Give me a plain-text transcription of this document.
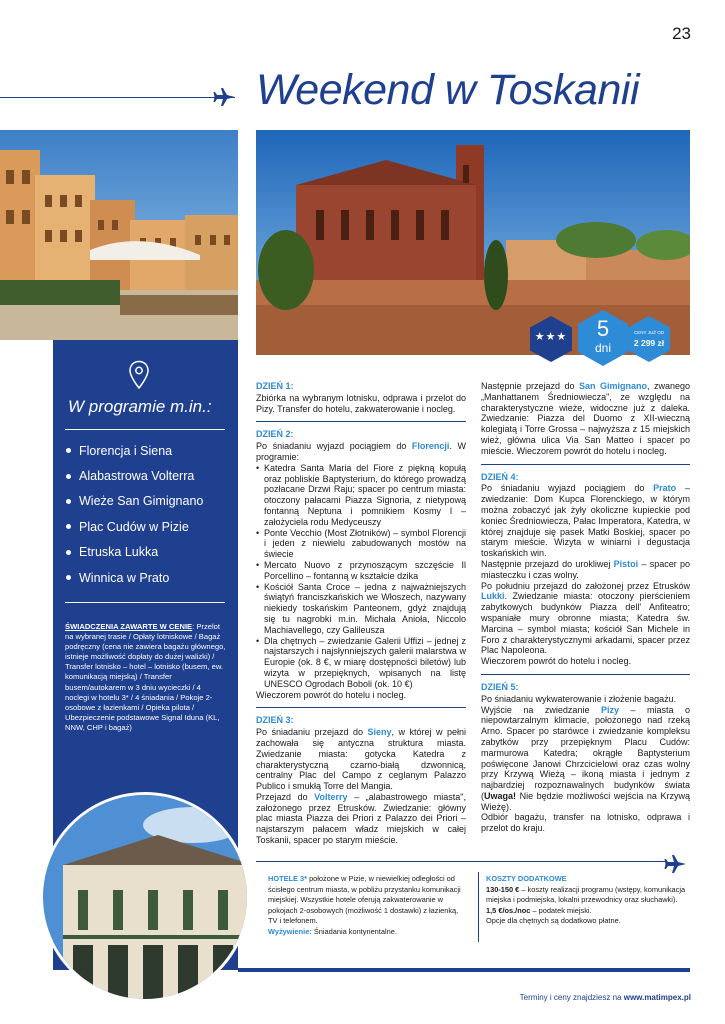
23
Weekend w Toskanii
★★★	5
dni
CENY JUŻ OD
2 299 zł
W programie m.in.:
Florencja i Siena
Alabastrowa Volterra
Wieże San Gimignano
Plac Cudów w Pizie
Etruska Lukka
Winnica w Prato
ŚWIADCZENIA ZAWARTE W CENIE: Przelot na wybranej trasie / Opłaty lotniskowe / Bagaż podręczny (cena nie zawiera bagażu głównego, istnieje możliwość dopłaty do dużej walizki) / Transfer lotnisko – hotel – lotnisko (busem, ew. komunikacją miejską) / Transfer busem/autokarem w 3 dniu wycieczki / 4 noclegi w hotelu 3* / 4 śniadania / Pokoje 2-osobowe z łazienkami / Opieka pilota / Ubezpieczenie podstawowe Signal Iduna (KL, NNW, CHP i bagaż)
DZIEŃ 1:

Zbiórka na wybranym lotnisku, odprawa i przelot do Pizy. Transfer do hotelu, zakwaterowanie i nocleg.

DZIEŃ 2:

Po śniadaniu wyjazd pociągiem do Florencji. W programie:

• Katedra Santa Maria del Fiore z piękną kopułą oraz pobliskie Baptysterium, do którego prowadzą pozłacane Drzwi Raju; spacer po centrum miasta: otoczony pałacami Piazza Signoria, z nietypową fontanną Neptuna i pomnikiem Kosmy I – założyciela rodu Medyceuszy

• Ponte Vecchio (Most Złotników) – symbol Florencji i jeden z niewielu zabudowanych mostów na świecie

• Mercato Nuovo z przynoszącym szczęście Il Porcellino – fontanną w kształcie dzika

• Kościół Santa Croce – jedna z najważniejszych świątyń franciszkańskich we Włoszech, nazywany niekiedy toskańskim Panteonem, gdyż znajdują się tu nagrobki m.in. Michała Anioła, Niccolo Machiavellego, czy Galileusza

• Dla chętnych – zwiedzanie Galerii Uffizi – jednej z najstarszych i najsłynniejszych galerii malarstwa w Europie (ok. 8 €, w miarę dostępności biletów) lub wizyta w przepięknych, wpisanych na listę UNESCO Ogrodach Boboli (ok. 10 €)

Wieczorem powrót do hotelu i nocleg.

DZIEŃ 3:

Po śniadaniu przejazd do Sieny, w której w pełni zachowała się antyczna struktura miasta. Zwiedzanie miasta: gotycka Katedra z charakterystyczną czarno-białą dzwonnicą, centralny Plac del Campo z ceglanym Palazzo Publico i smukłą Torre del Mangia.

Przejazd do Volterry – „alabastrowego miasta", założonego przez Etrusków. Zwiedzanie: główny plac miasta Piazza dei Priori z Palazzo dei Priori – najstarszym pałacem władz miejskich w całej Toskanii, spacer po starym mieście.

Następnie przejazd do San Gimignano, zwanego „Manhattanem Średniowiecza", ze względu na charakterystyczne wieże, widoczne już z daleka. Zwiedzanie: Piazza del Duomo z XII-wieczną kolegiatą i Torre Grossa – najwyższa z 15 miejskich wież, główna ulica Via San Matteo i spacer po mieście. Wieczorem powrót do hotelu i nocleg.

DZIEŃ 4:

Po śniadaniu wyjazd pociągiem do Prato – zwiedzanie: Dom Kupca Florenckiego, w którym można zobaczyć jak żyły okoliczne kupieckie pod koniec Średniowiecza, Pałac Imperatora, Katedra, w której znajduje się pasek Matki Boskiej, spacer po starym mieście. Wizyta w winiarni i degustacja toskańskich win.

Następnie przejazd do urokliwej Pistoi – spacer po miasteczku i czas wolny.

Po południu przejazd do założonej przez Etrusków Lukki. Zwiedzanie miasta: otoczony pierścieniem zabytkowych budynków Piazza dell' Anfiteatro; wspaniałe mury obronne miasta; Katedra św. Marcina – symbol miasta; kościół San Michele in Foro z charakterystycznymi arkadami, spacer przez Plac Napoleona.

Wieczorem powrót do hotelu i nocleg.

DZIEŃ 5:

Po śniadaniu wykwaterowanie i złożenie bagażu.

Wyjście na zwiedzanie Pizy – miasta o niepowtarzalnym klimacie, położonego nad rzeką Arno. Spacer po starówce i zwiedzanie kompleksu zabytków przy przepięknym Placu Cudów: marmurowa Katedra; okrągłe Baptysterium poświęcone Janowi Chrzcicielowi oraz czas wolny przy Krzywą Wieżą – ikoną miasta i jednym z najbardziej rozpoznawalnych budynków świata (Uwaga! Nie będzie możliwości wejścia na Krzywą Wieżę).

Odbiór bagażu, transfer na lotnisko, odprawa i przelot do kraju.

HOTELE 3* położone w Pizie, w niewielkiej odległości od ścisłego centrum miasta, w pobliżu przystanku komunikacji miejskiej. Wszystkie hotele oferują zakwaterowanie w pokojach 2-osobowych (możliwość 1 dostawki) z łazienką, TV i telefonem.
Wyżywienie: Śniadania kontynentalne.
KOSZTY DODATKOWE
130-150 € – koszty realizacji programu (wstępy, komunikacja miejska i podmiejska, lokalni przewodnicy oraz słuchawki).
1,5 €/os./noc – podatek miejski.
Opcje dla chętnych są dodatkowo płatne.
Terminy i ceny znajdziesz na www.matimpex.pl
